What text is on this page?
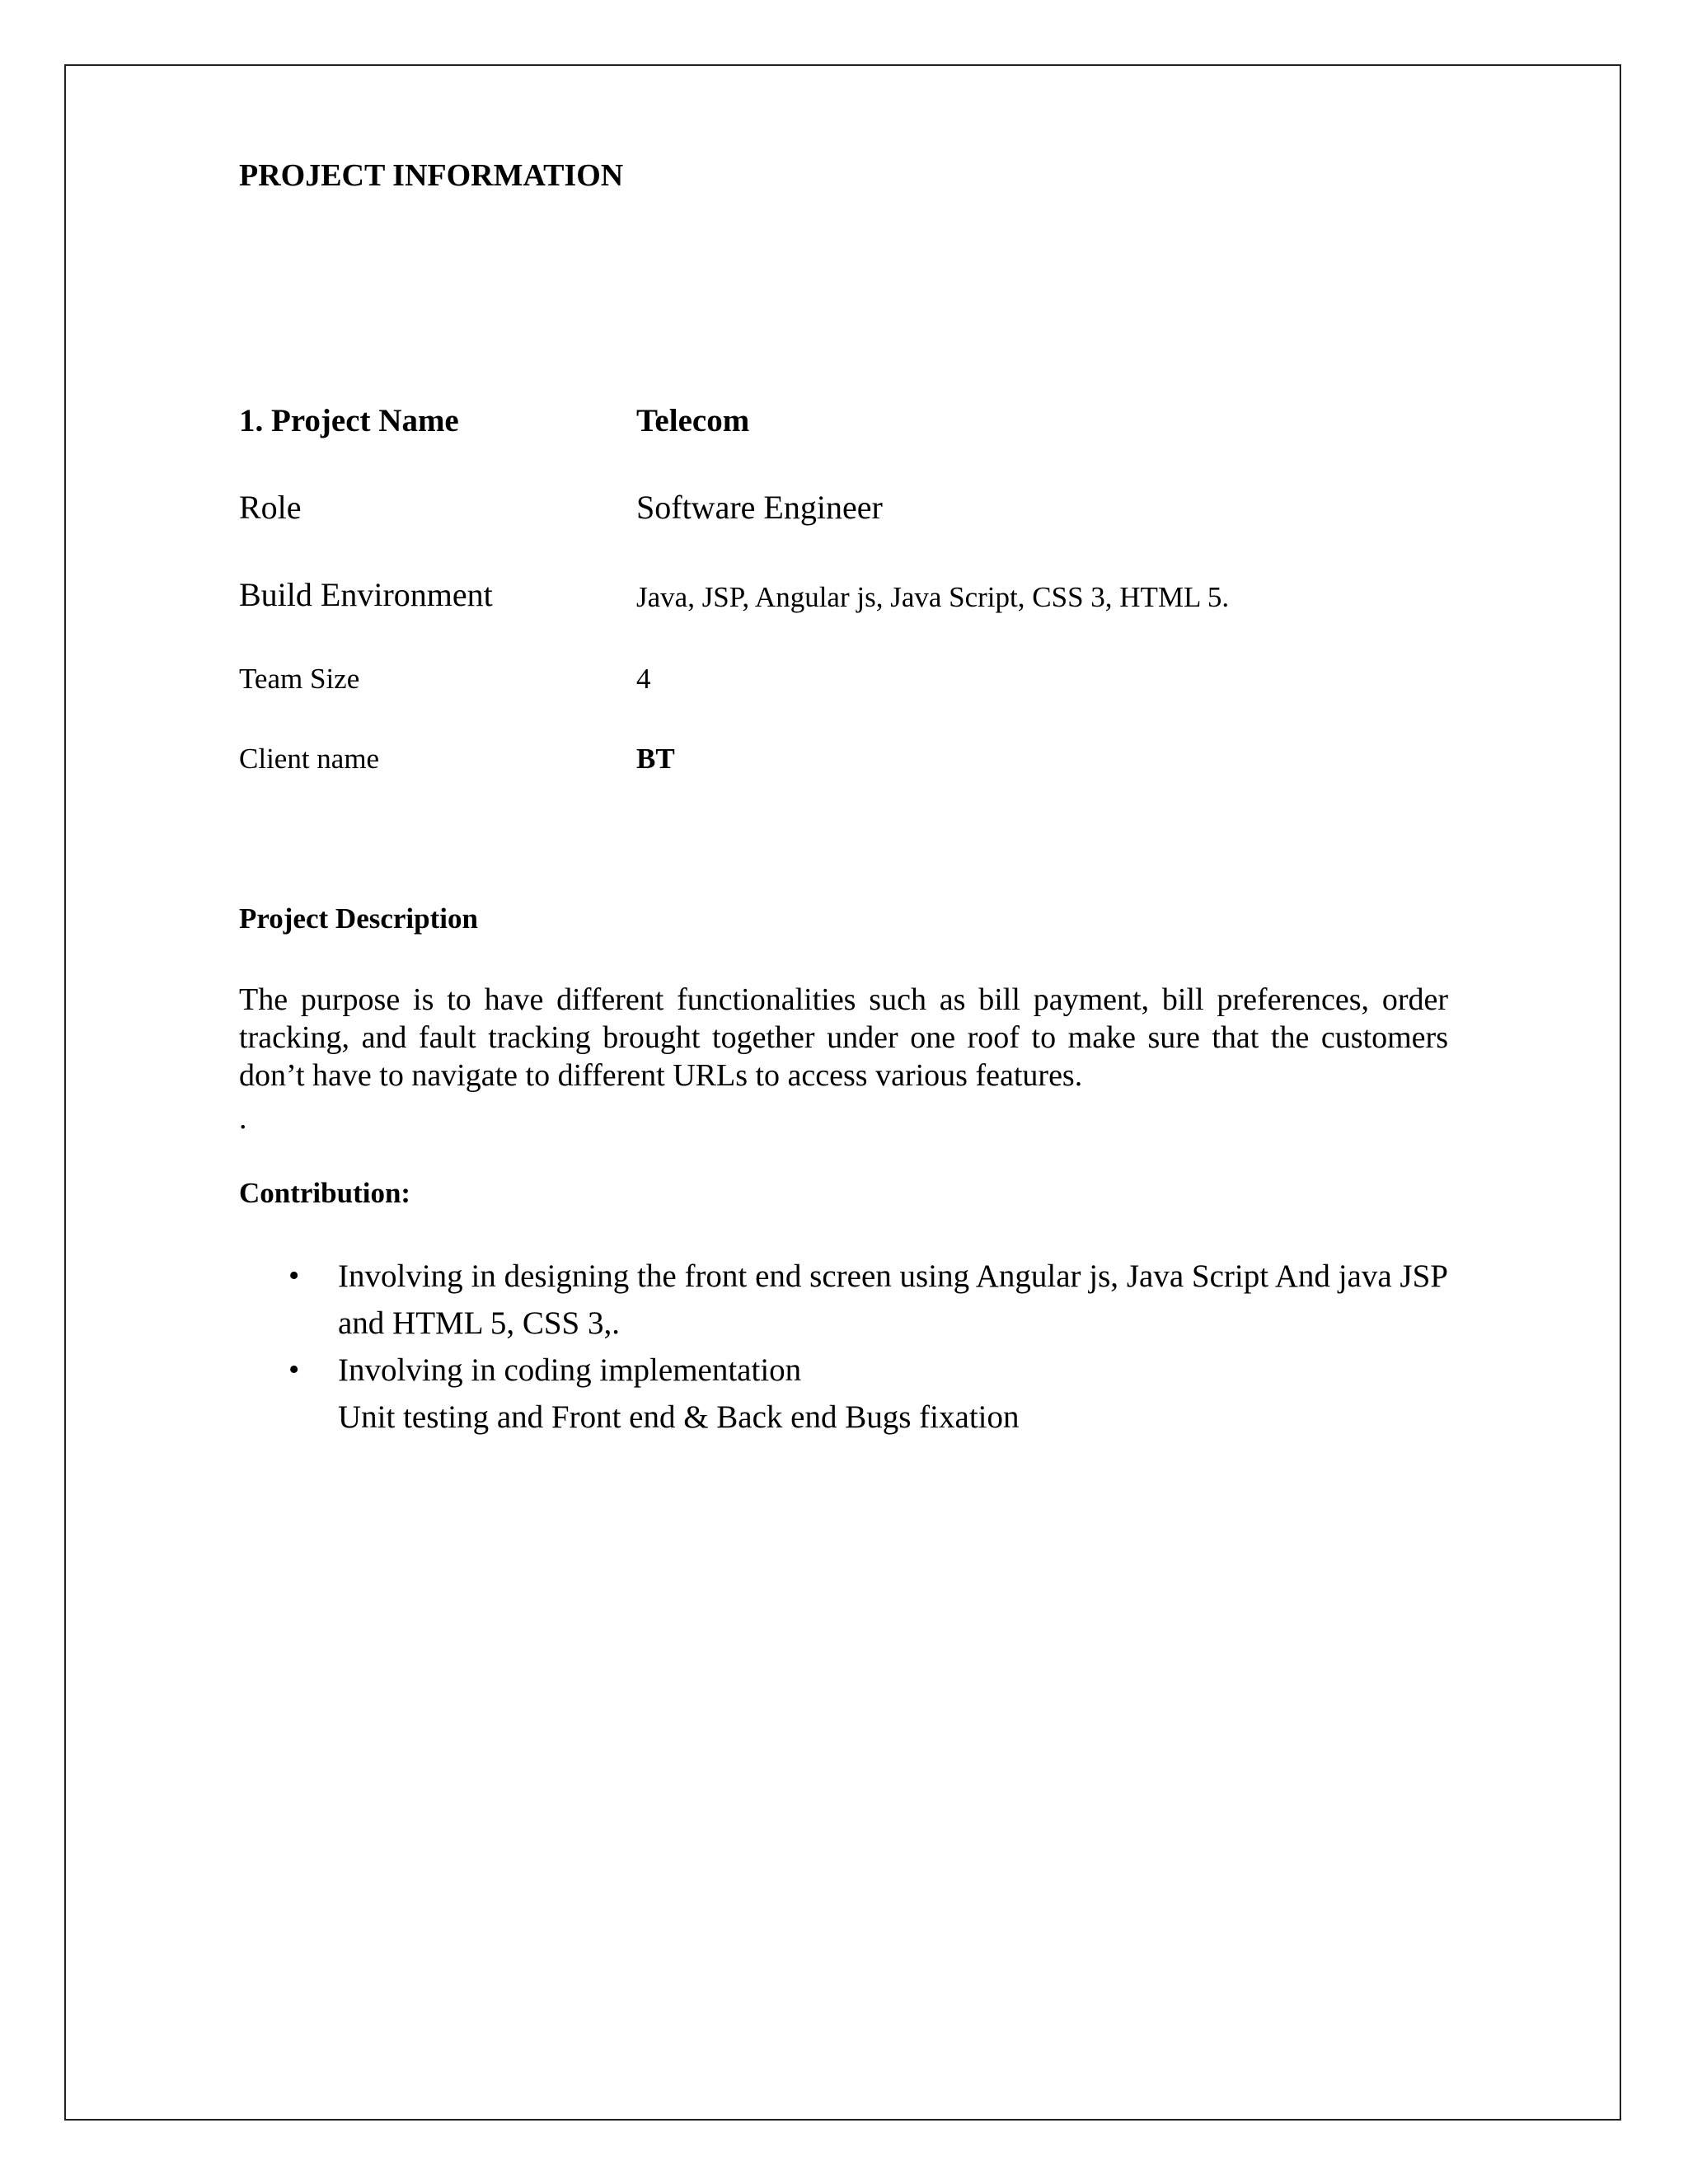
PROJECT INFORMATION
1. Project Name	Telecom
Role	Software Engineer
Build Environment	Java, JSP, Angular js, Java Script, CSS 3, HTML 5.
Team Size	4
Client name	BT
Project Description
The purpose is to have different functionalities such as bill payment, bill preferences, order tracking, and fault tracking brought together under one roof to make sure that the customers don’t have to navigate to different URLs to access various features.
.
Contribution:
• Involving in designing the front end screen using Angular js, Java Script And java JSP and HTML 5, CSS 3,.
• Involving in coding implementation
Unit testing and Front end & Back end Bugs fixation
